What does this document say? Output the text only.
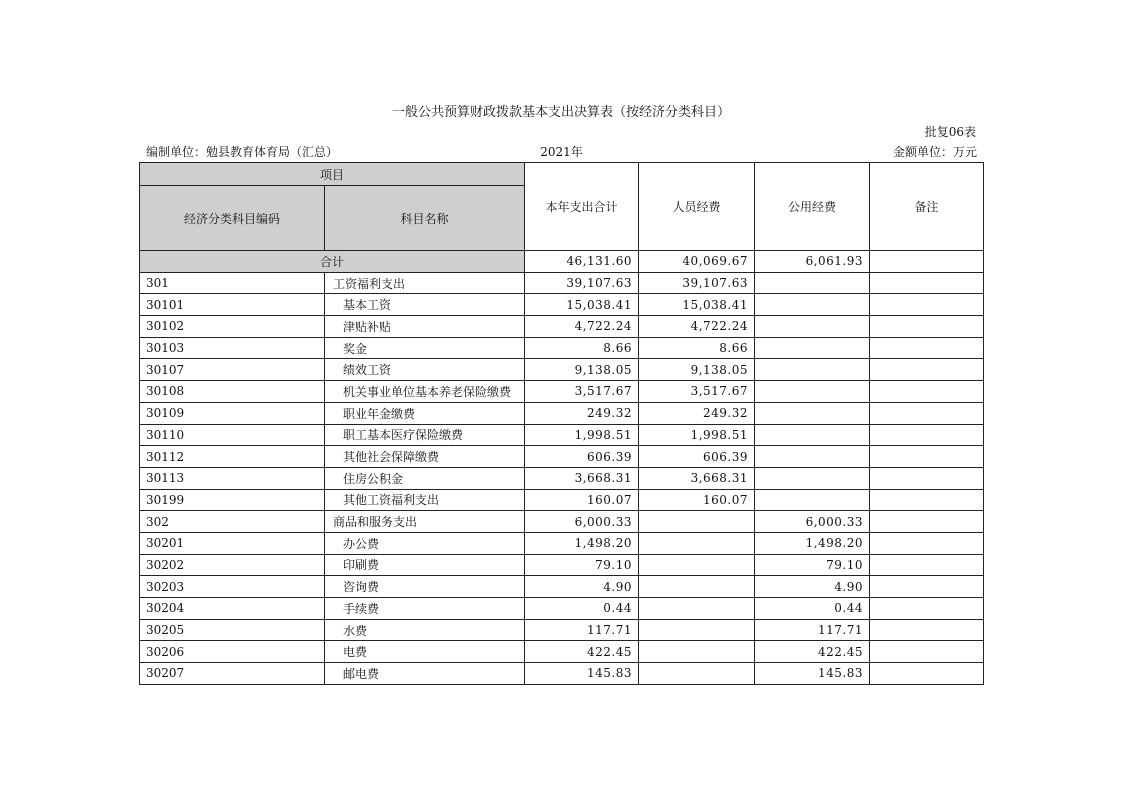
一般公共预算财政拨款基本支出决算表（按经济分类科目）
批复06表
编制单位：勉县教育体育局（汇总）	2021年	金额单位：万元
项目		本年支出合计	人员经费	公用经费	备注
经济分类科目编码	科目名称				
合计		46,131.60	40,069.67	6,061.93	
301	工资福利支出	39,107.63	39,107.63		
30101	基本工资	15,038.41	15,038.41		
30102	津贴补贴	4,722.24	4,722.24		
30103	奖金	8.66	8.66		
30107	绩效工资	9,138.05	9,138.05		
30108	机关事业单位基本养老保险缴费	3,517.67	3,517.67		
30109	职业年金缴费	249.32	249.32		
30110	职工基本医疗保险缴费	1,998.51	1,998.51		
30112	其他社会保障缴费	606.39	606.39		
30113	住房公积金	3,668.31	3,668.31		
30199	其他工资福利支出	160.07	160.07		
302	商品和服务支出	6,000.33		6,000.33	
30201	办公费	1,498.20		1,498.20	
30202	印刷费	79.10		79.10	
30203	咨询费	4.90		4.90	
30204	手续费	0.44		0.44	
30205	水费	117.71		117.71	
30206	电费	422.45		422.45	
30207	邮电费	145.83		145.83	
